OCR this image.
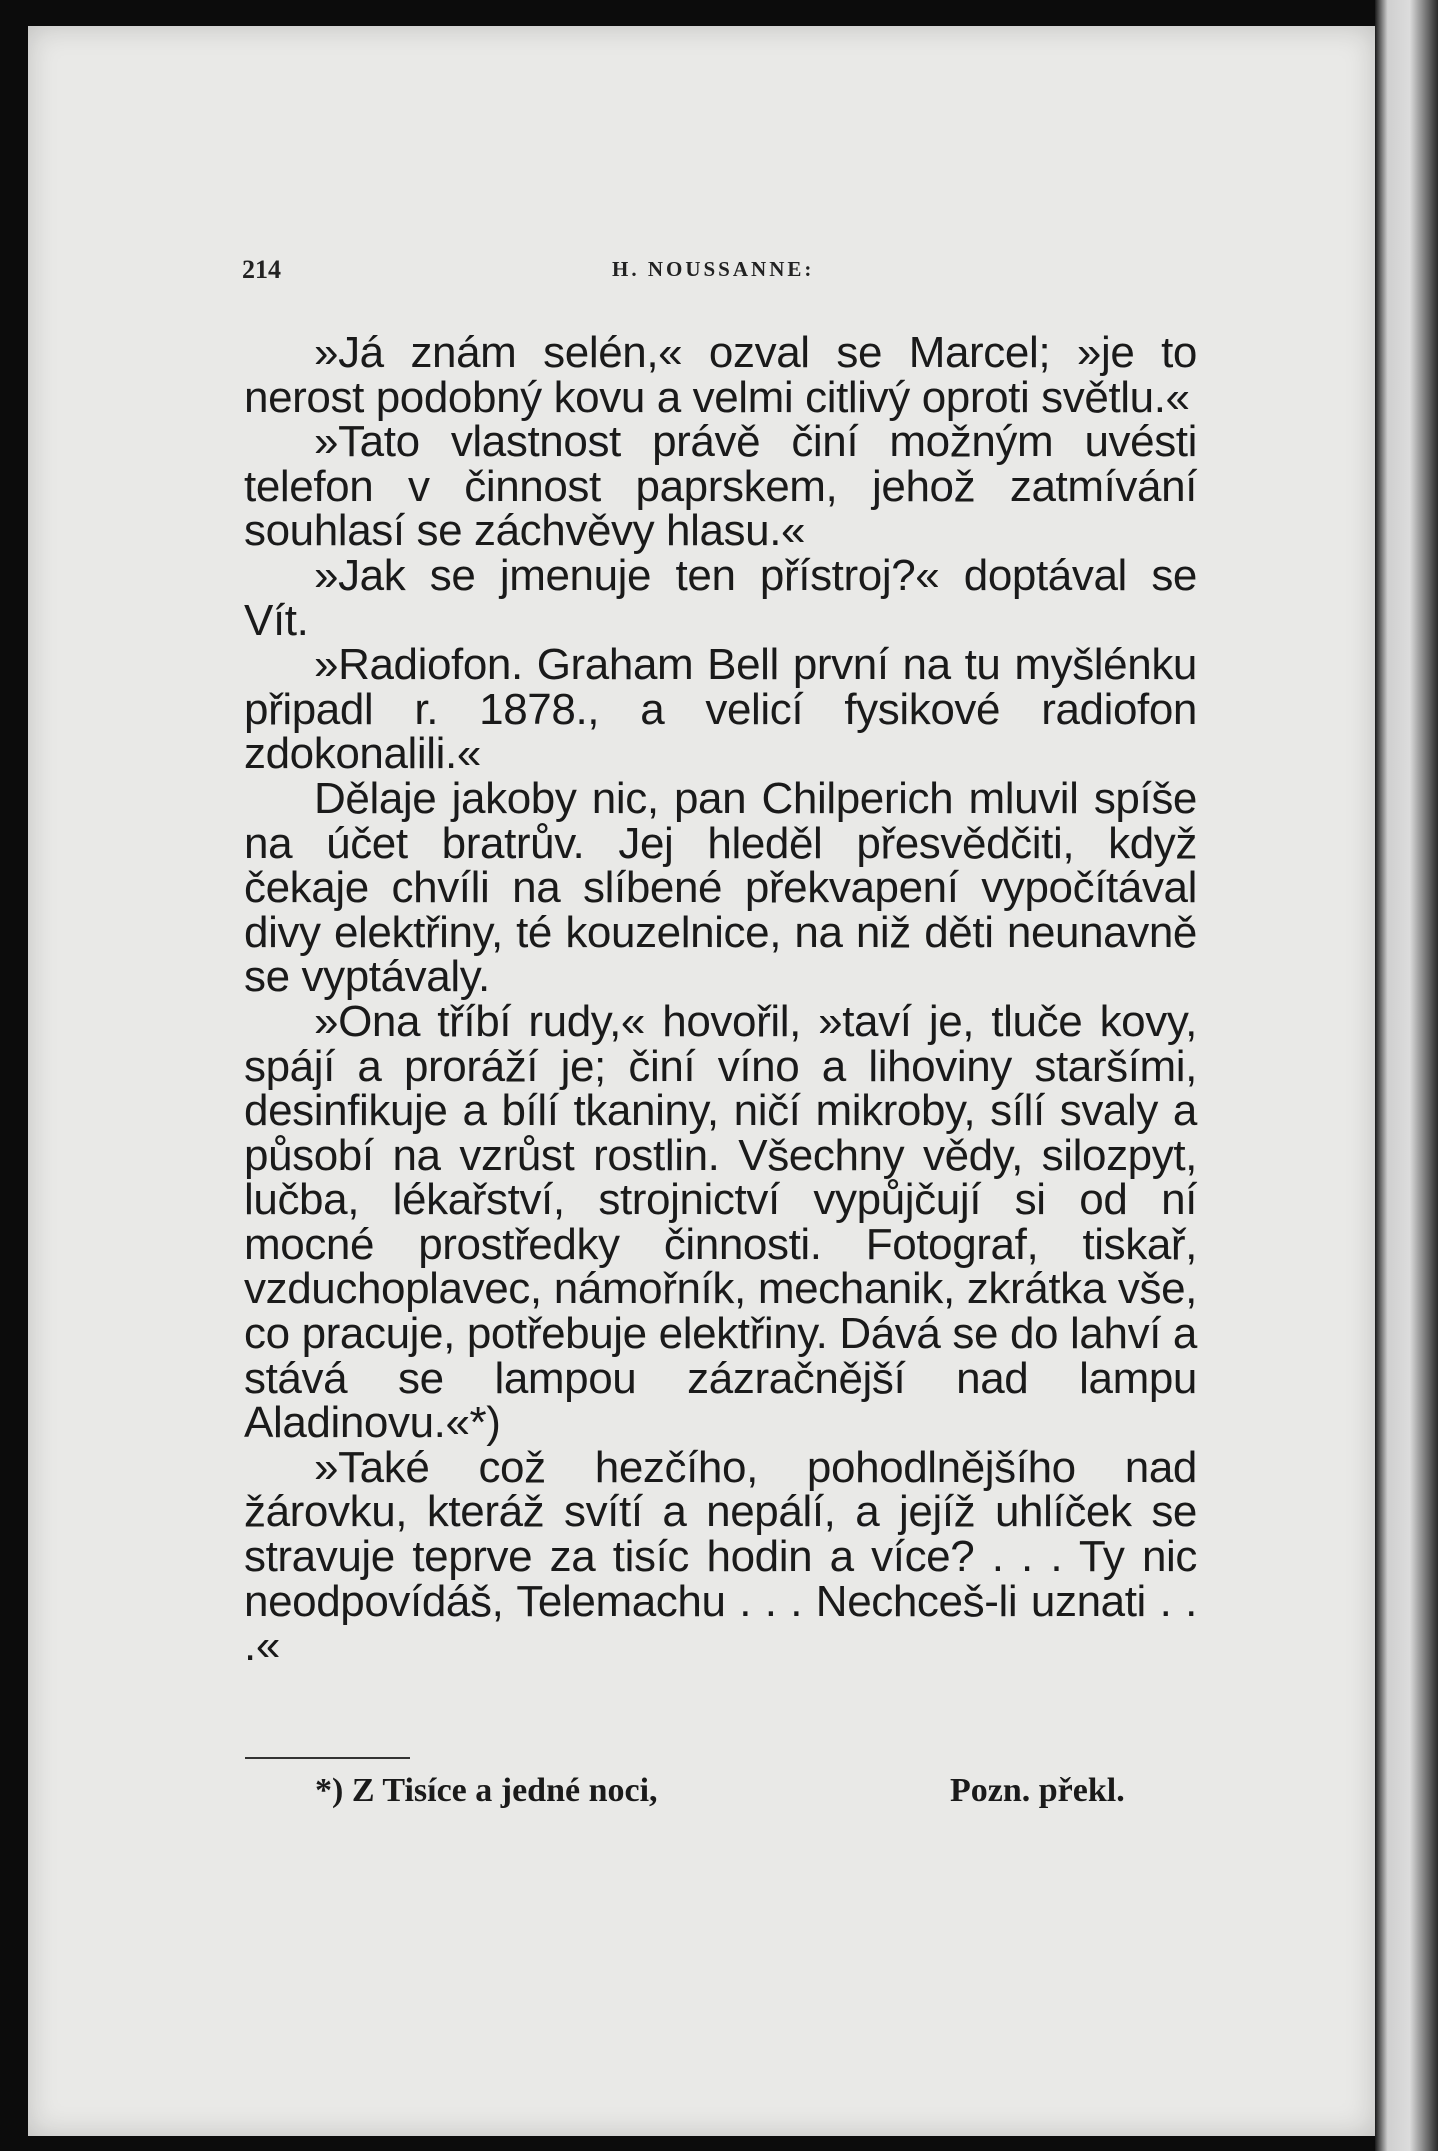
214	H. NOUSSANNE:

»Já znám selén,« ozval se Marcel; »je to nerost podobný kovu a velmi citlivý oproti světlu.«

»Tato vlastnost právě činí možným uvésti telefon v činnost paprskem, jehož zatmívání souhlasí se záchvěvy hlasu.«

»Jak se jmenuje ten přístroj?« doptával se Vít.

»Radiofon. Graham Bell první na tu myšlénku připadl r. 1878., a velicí fysikové radiofon zdokonalili.«

Dělaje jakoby nic, pan Chilperich mluvil spíše na účet bratrův. Jej hleděl přesvědčiti, když čekaje chvíli na slíbené překvapení vypočítával divy elektřiny, té kouzelnice, na niž děti neunavně se vyptávaly.

»Ona tříbí rudy,« hovořil, »taví je, tluče kovy, spájí a proráží je; činí víno a lihoviny staršími, desinfikuje a bílí tkaniny, ničí mikroby, sílí svaly a působí na vzrůst rostlin. Všechny vědy, silozpyt, lučba, lékařství, strojnictví vypůjčují si od ní mocné prostředky činnosti. Fotograf, tiskař, vzduchoplavec, námořník, mechanik, zkrátka vše, co pracuje, potřebuje elektřiny. Dává se do lahví a stává se lampou zázračnější nad lampu Aladinovu.«*)

»Také což hezčího, pohodlnějšího nad žárovku, kteráž svítí a nepálí, a jejíž uhlíček se stravuje teprve za tisíc hodin a více? . . . Ty nic neodpovídáš, Telemachu . . . Nechceš-li uznati . . .«

*) Z Tisíce a jedné noci,	Pozn. překl.
